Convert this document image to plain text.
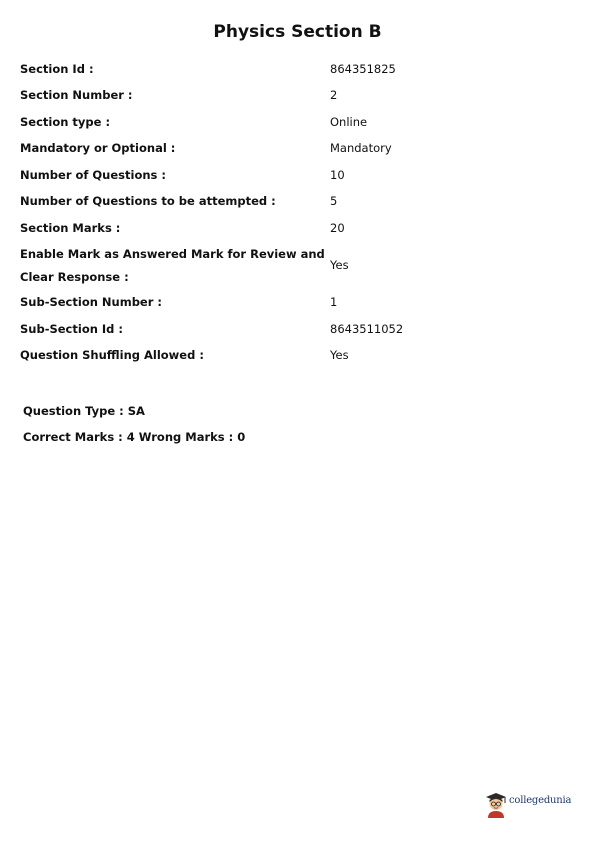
Physics Section B
Section Id :	864351825
Section Number :	2
Section type :	Online
Mandatory or Optional :	Mandatory
Number of Questions :	10
Number of Questions to be attempted :	5
Section Marks :	20
Enable Mark as Answered Mark for Review and Clear Response :
Yes
Sub-Section Number :	1
Sub-Section Id :	8643511052
Question Shuffling Allowed :	Yes
Question Type : SA
Correct Marks : 4 Wrong Marks : 0
collegedunia
